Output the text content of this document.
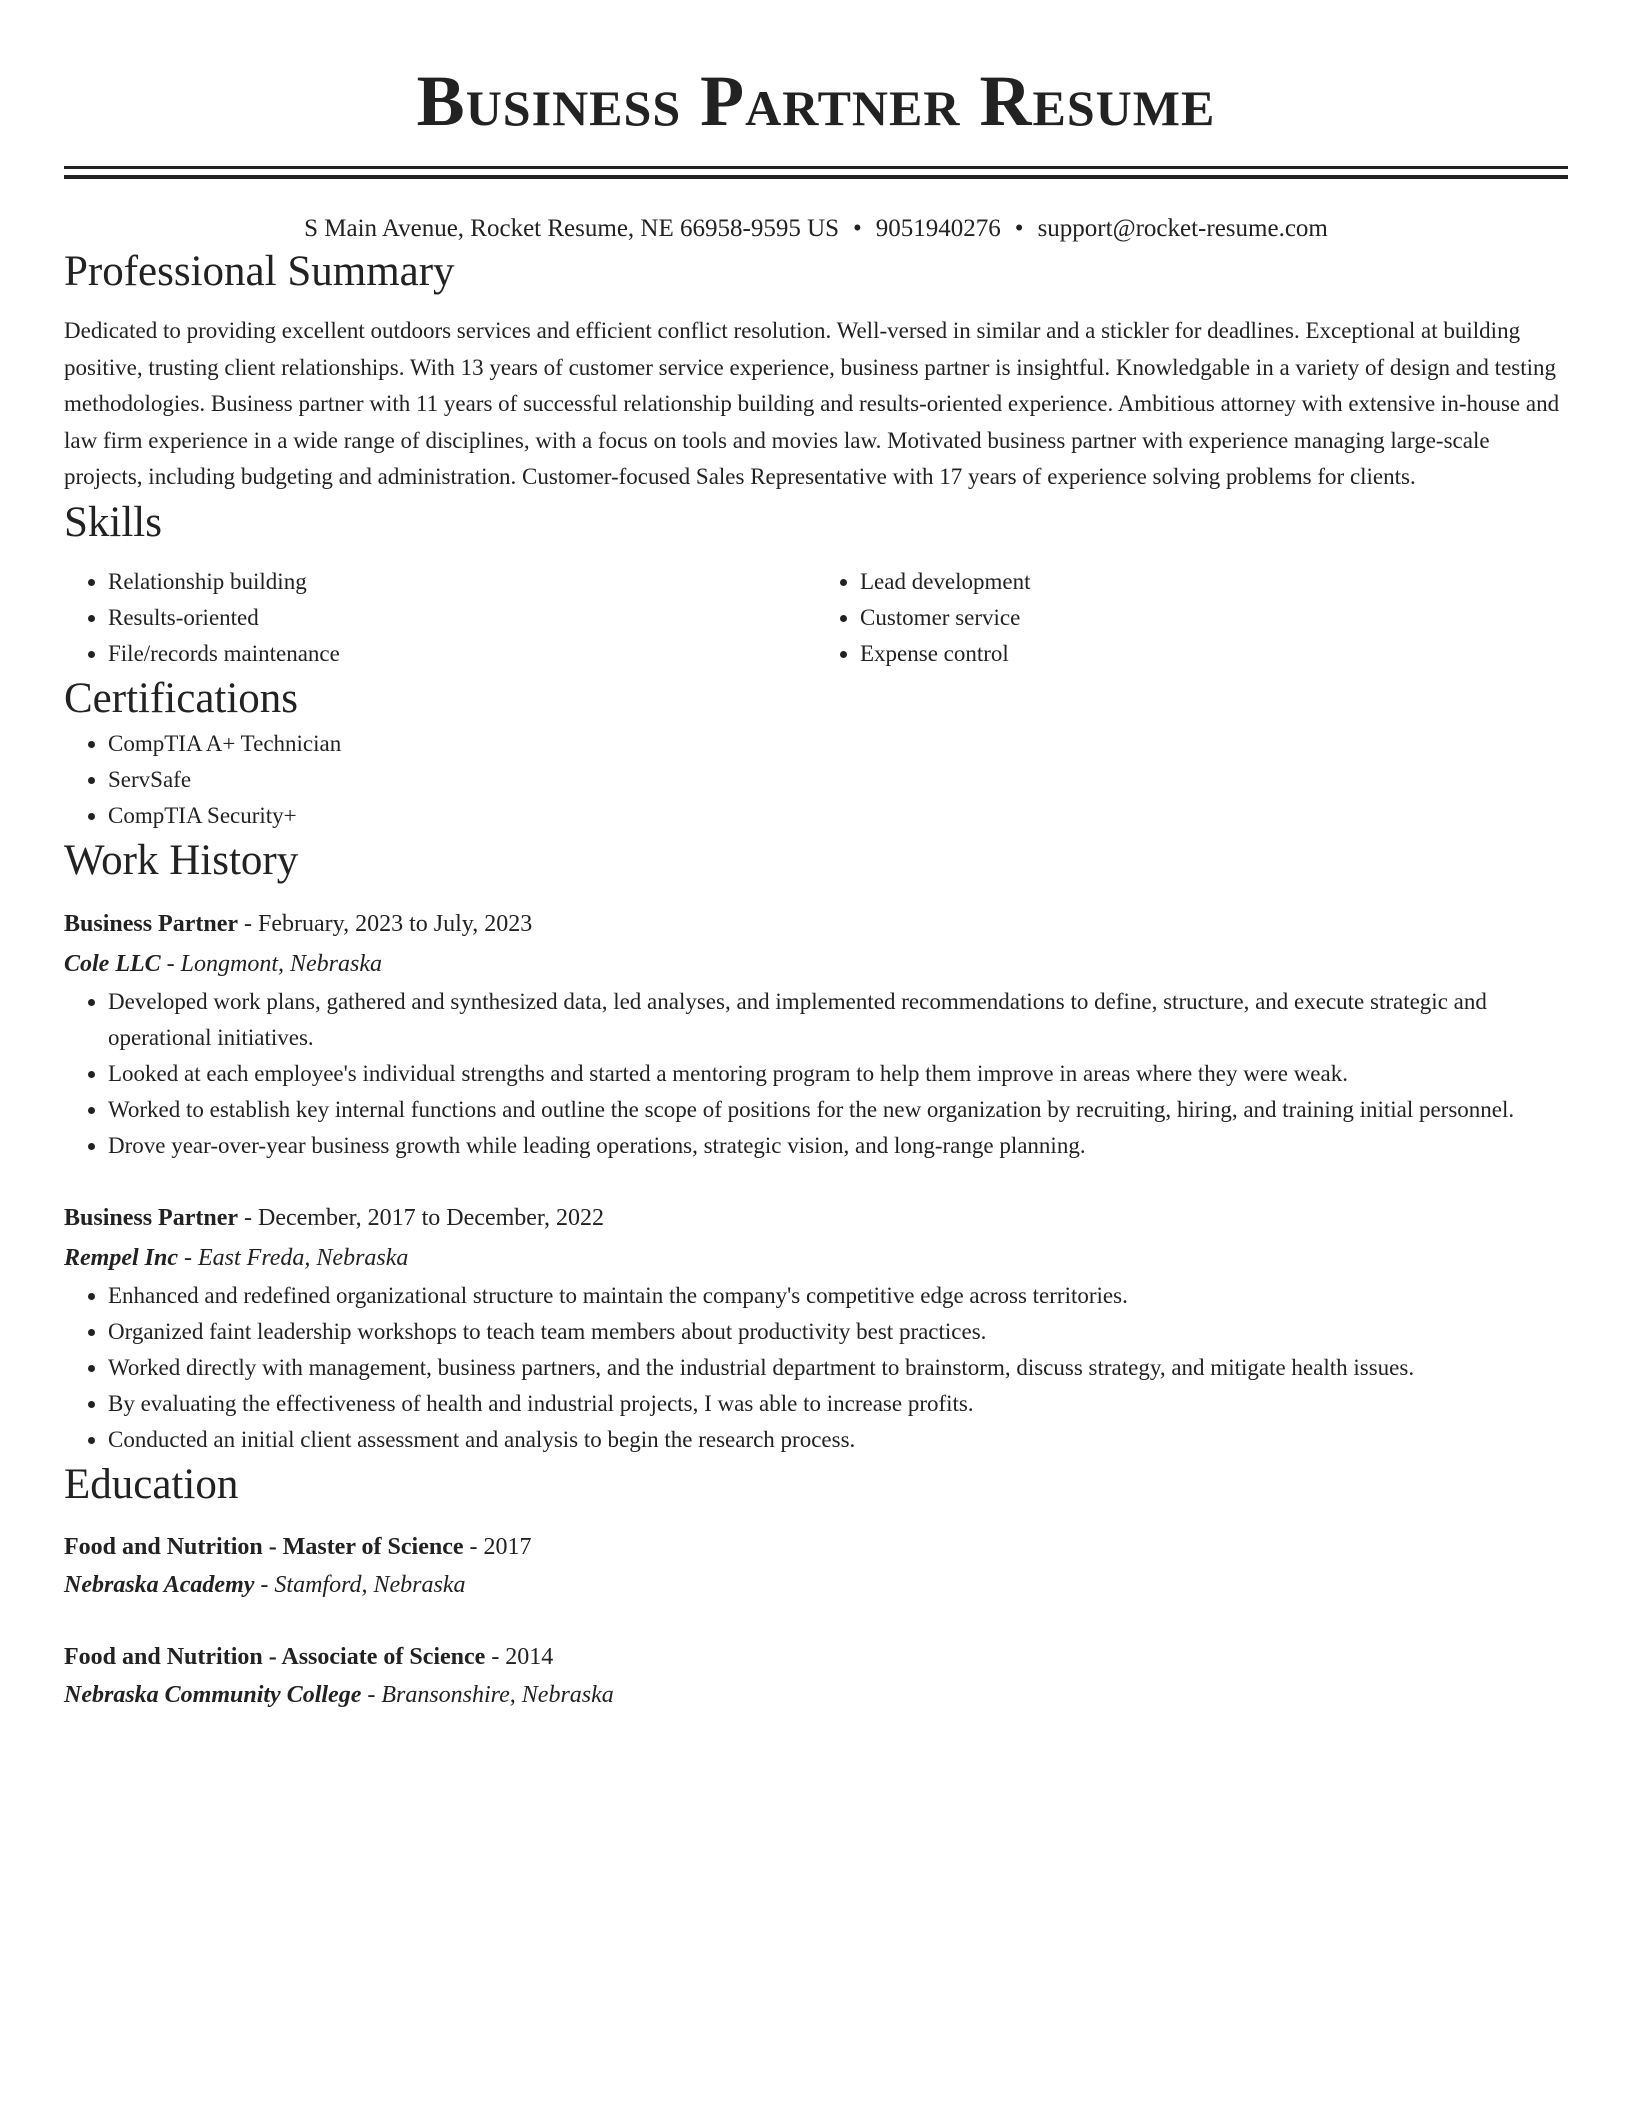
Business Partner Resume
S Main Avenue, Rocket Resume, NE 66958-9595 US • 9051940276 • support@rocket-resume.com
Professional Summary

Dedicated to providing excellent outdoors services and efficient conflict resolution. Well-versed in similar and a stickler for deadlines. Exceptional at building positive, trusting client relationships. With 13 years of customer service experience, business partner is insightful. Knowledgable in a variety of design and testing methodologies. Business partner with 11 years of successful relationship building and results-oriented experience. Ambitious attorney with extensive in-house and law firm experience in a wide range of disciplines, with a focus on tools and movies law. Motivated business partner with experience managing large-scale projects, including budgeting and administration. Customer-focused Sales Representative with 17 years of experience solving problems for clients.

Skills
• Relationship building
• Results-oriented
• File/records maintenance
• Lead development
• Customer service
• Expense control
Certifications
• CompTIA A+ Technician
• ServSafe
• CompTIA Security+
Work History
Business Partner - February, 2023 to July, 2023
Cole LLC - Longmont, Nebraska
• Developed work plans, gathered and synthesized data, led analyses, and implemented recommendations to define, structure, and execute strategic and operational initiatives.
• Looked at each employee's individual strengths and started a mentoring program to help them improve in areas where they were weak.
• Worked to establish key internal functions and outline the scope of positions for the new organization by recruiting, hiring, and training initial personnel.
• Drove year-over-year business growth while leading operations, strategic vision, and long-range planning.
Business Partner - December, 2017 to December, 2022
Rempel Inc - East Freda, Nebraska
• Enhanced and redefined organizational structure to maintain the company's competitive edge across territories.
• Organized faint leadership workshops to teach team members about productivity best practices.
• Worked directly with management, business partners, and the industrial department to brainstorm, discuss strategy, and mitigate health issues.
• By evaluating the effectiveness of health and industrial projects, I was able to increase profits.
• Conducted an initial client assessment and analysis to begin the research process.
Education
Food and Nutrition - Master of Science - 2017
Nebraska Academy - Stamford, Nebraska
Food and Nutrition - Associate of Science - 2014
Nebraska Community College - Bransonshire, Nebraska
